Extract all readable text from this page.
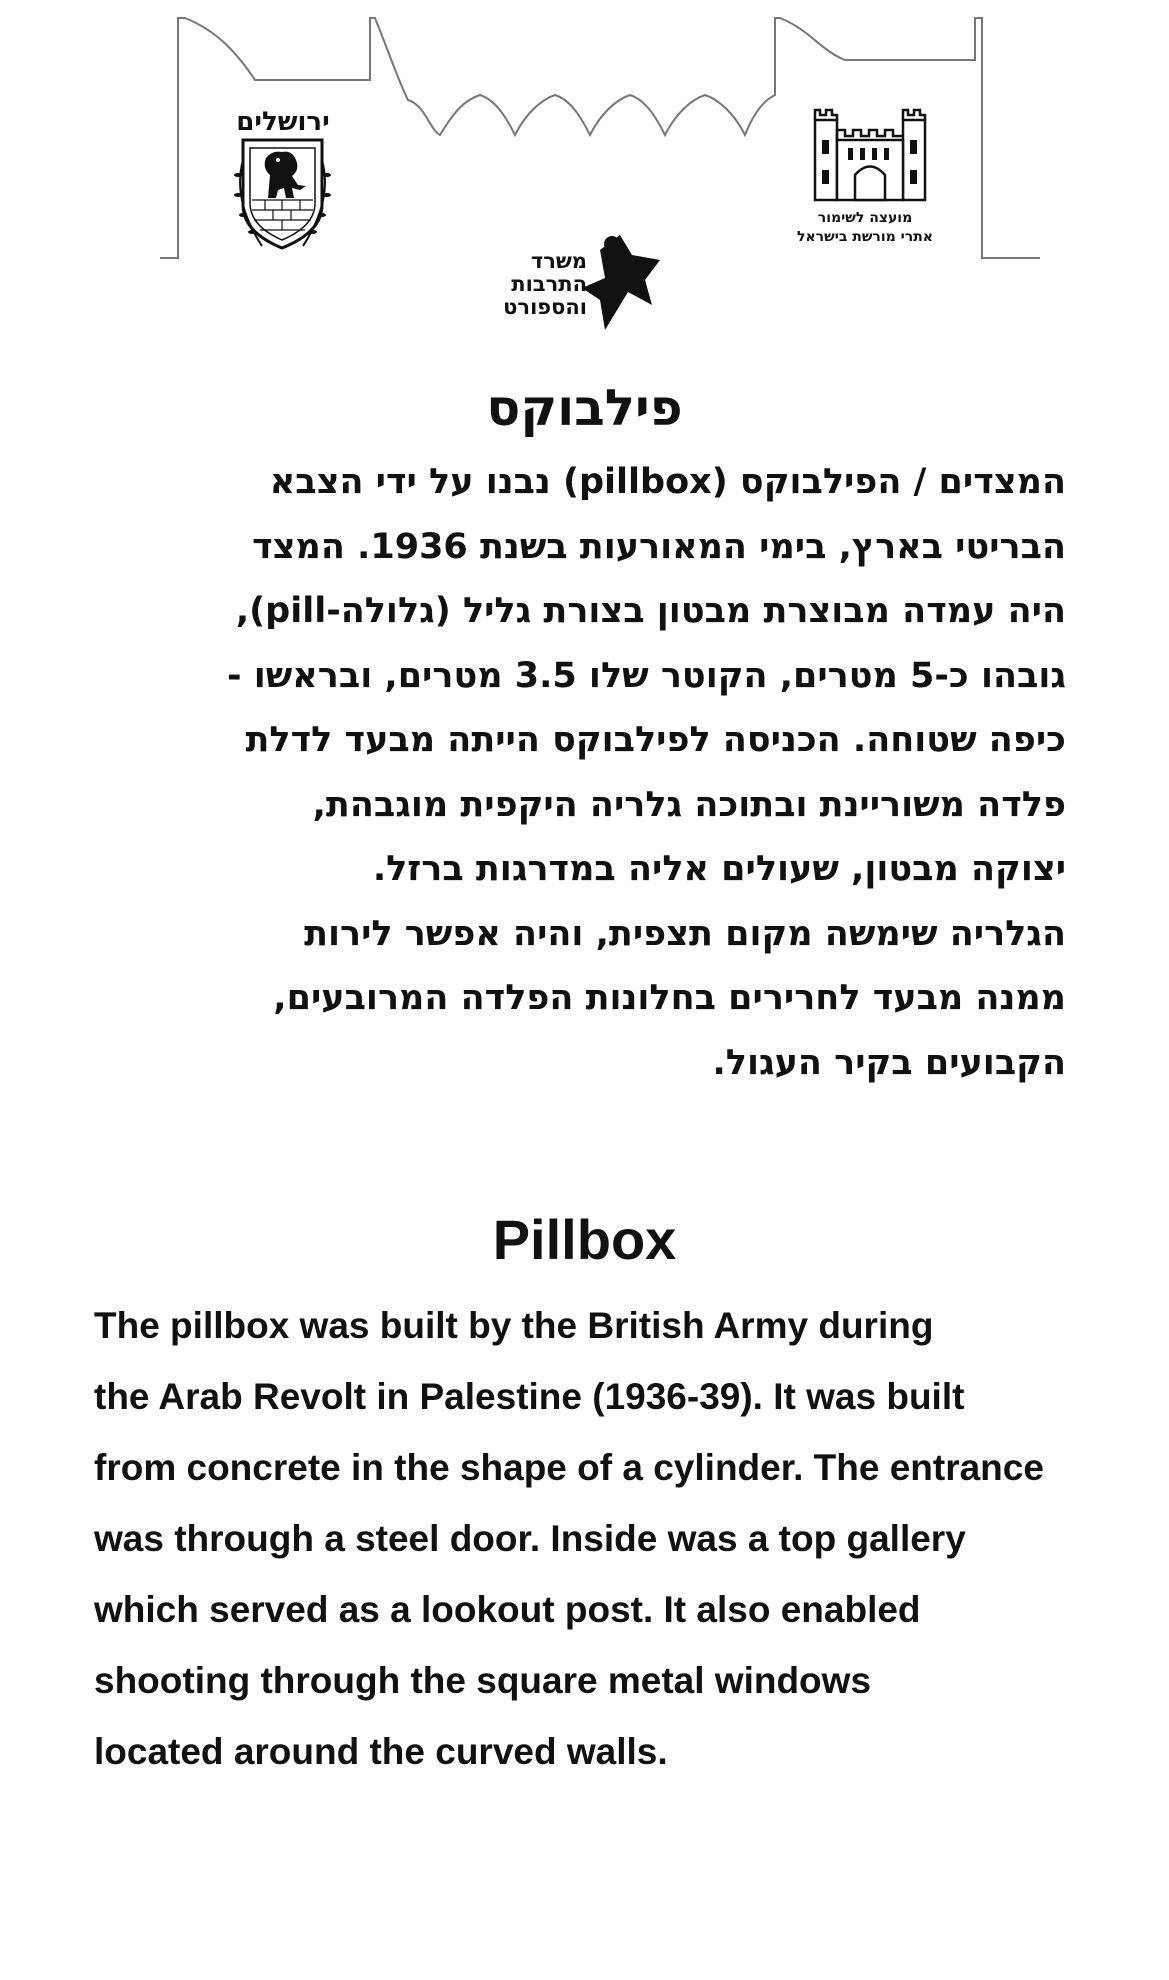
ירושלים
מועצה לשימור
אתרי מורשת בישראל
משרד
התרבות
והספורט
פילבוקס
המצדים / הפילבוקס (pillbox) נבנו על ידי הצבא
הבריטי בארץ, בימי המאורעות בשנת 1936. המצד
היה עמדה מבוצרת מבטון בצורת גליל (גלולה-pill),
גובהו כ-5 מטרים, הקוטר שלו 3.5 מטרים, ובראשו -
כיפה שטוחה. הכניסה לפילבוקס הייתה מבעד לדלת
פלדה משוריינת ובתוכה גלריה היקפית מוגבהת,
יצוקה מבטון, שעולים אליה במדרגות ברזל.
הגלריה שימשה מקום תצפית, והיה אפשר לירות
ממנה מבעד לחרירים בחלונות הפלדה המרובעים,
הקבועים בקיר העגול.
Pillbox
The pillbox was built by the British Army during
the Arab Revolt in Palestine (1936-39). It was built
from concrete in the shape of a cylinder. The entrance
was through a steel door. Inside was a top gallery
which served as a lookout post. It also enabled
shooting through the square metal windows
located around the curved walls.
